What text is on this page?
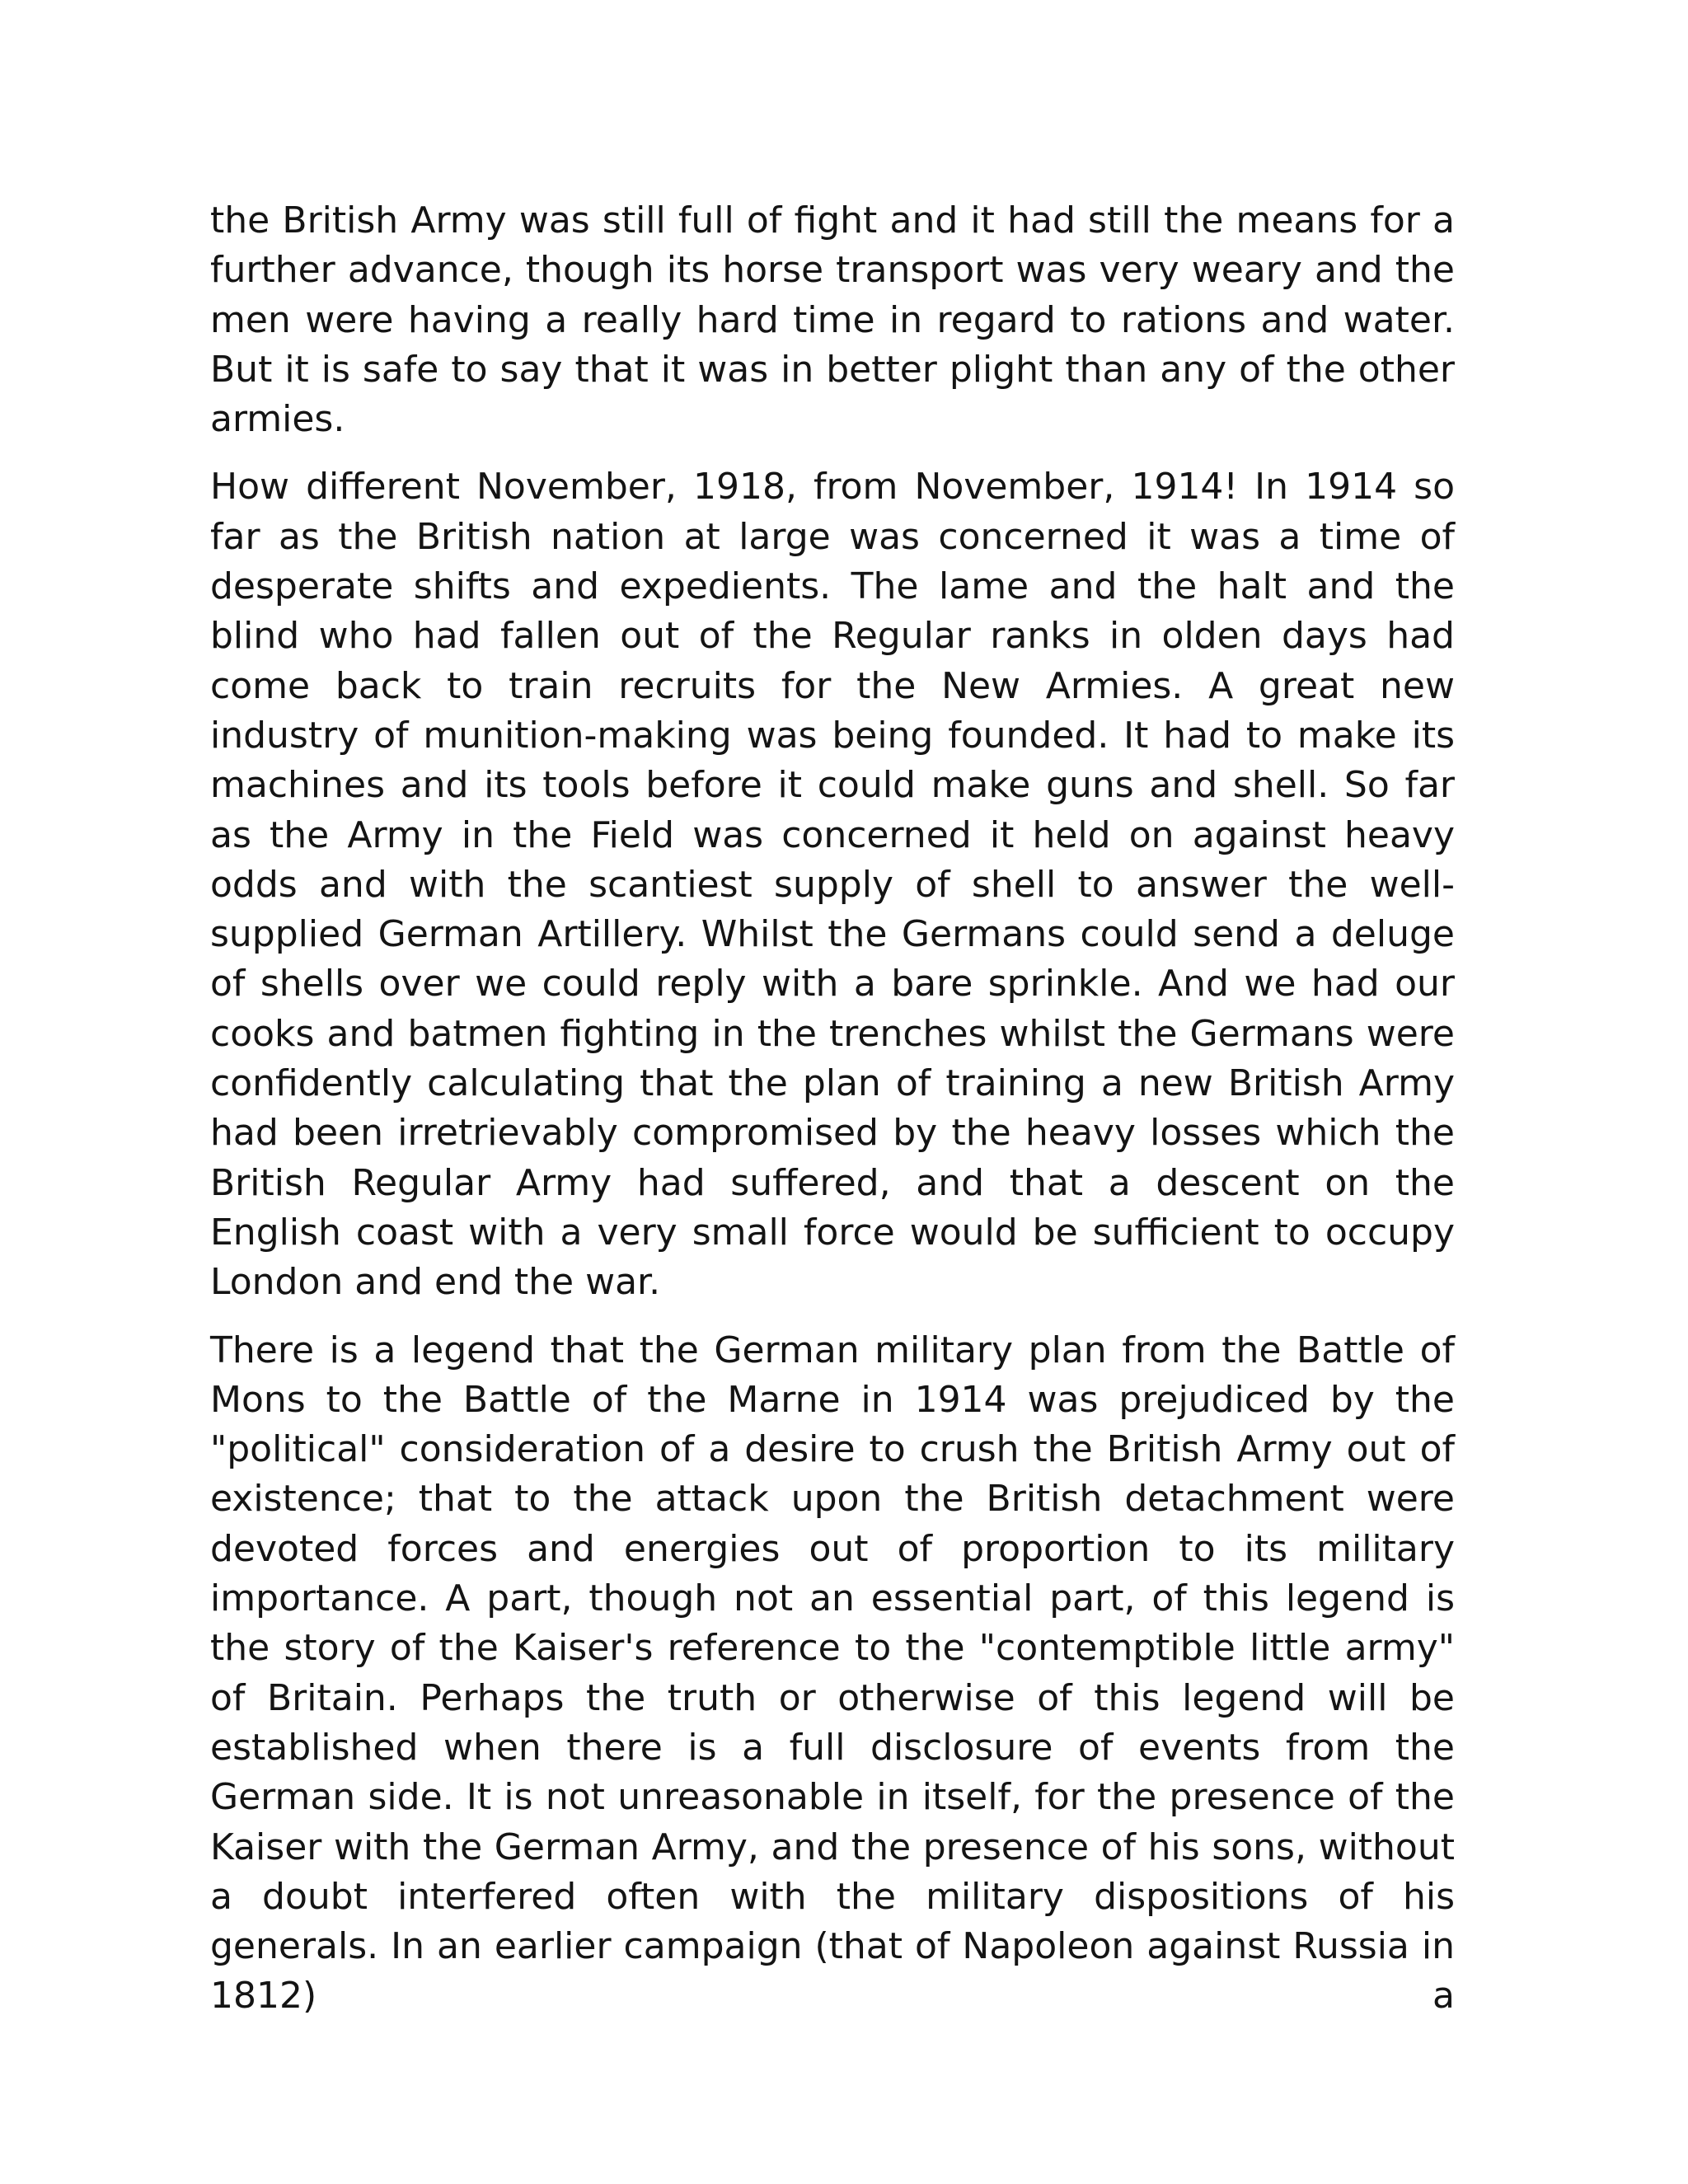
the British Army was still full of fight and it had still the means for a further advance, though its horse transport was very weary and the men were having a really hard time in regard to rations and water. But it is safe to say that it was in better plight than any of the other armies.

How different November, 1918, from November, 1914! In 1914 so far as the British nation at large was concerned it was a time of desperate shifts and expedients. The lame and the halt and the blind who had fallen out of the Regular ranks in olden days had come back to train recruits for the New Armies. A great new industry of munition-making was being founded. It had to make its machines and its tools before it could make guns and shell. So far as the Army in the Field was concerned it held on against heavy odds and with the scantiest supply of shell to answer the well-supplied German Artillery. Whilst the Germans could send a deluge of shells over we could reply with a bare sprinkle. And we had our cooks and batmen fighting in the trenches whilst the Germans were confidently calculating that the plan of training a new British Army had been irretrievably compromised by the heavy losses which the British Regular Army had suffered, and that a descent on the English coast with a very small force would be sufficient to occupy London and end the war.

There is a legend that the German military plan from the Battle of Mons to the Battle of the Marne in 1914 was prejudiced by the "political" consideration of a desire to crush the British Army out of existence; that to the attack upon the British detachment were devoted forces and energies out of proportion to its military importance. A part, though not an essential part, of this legend is the story of the Kaiser's reference to the "contemptible little army" of Britain. Perhaps the truth or otherwise of this legend will be established when there is a full disclosure of events from the German side. It is not unreasonable in itself, for the presence of the Kaiser with the German Army, and the presence of his sons, without a doubt interfered often with the military dispositions of his generals. In an earlier campaign (that of Napoleon against Russia in 1812) a
